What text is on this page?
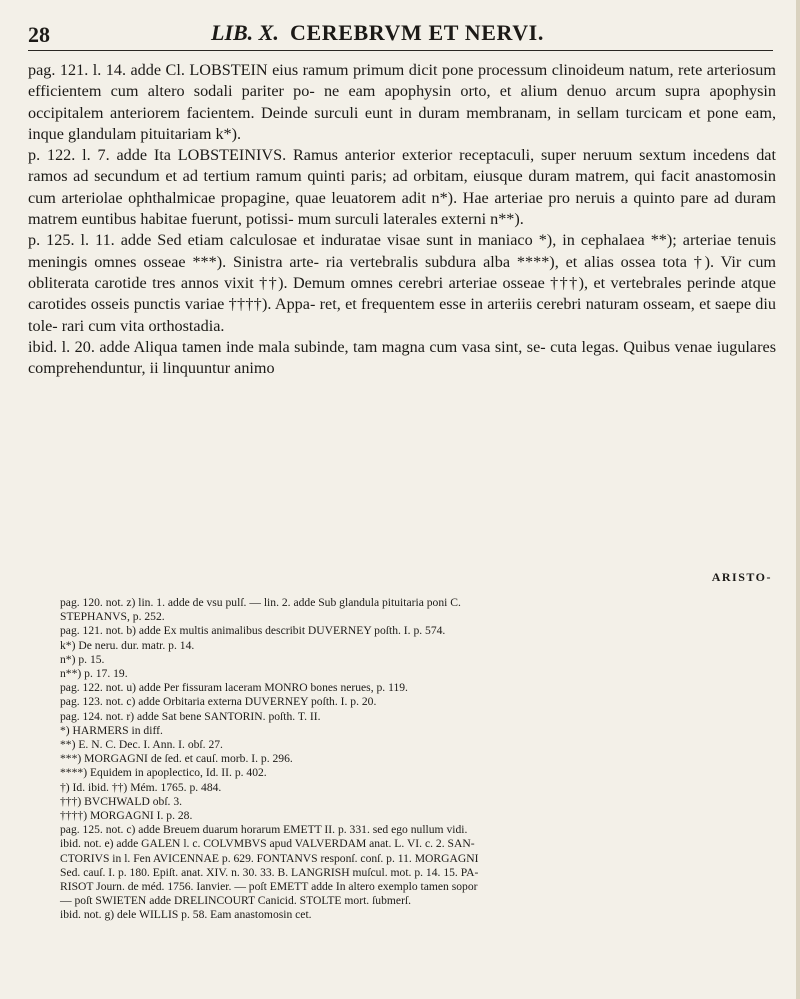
28	LIB. X. CEREBRVM ET NERVI.

pag. 121. l. 14. adde Cl. LOBSTEIN eius ramum primum dicit pone processum clinoideum natum, rete arteriosum efficientem cum altero sodali pariter po- ne eam apophysin orto, et alium denuo arcum supra apophysin occipitalem anteriorem facientem. Deinde surculi eunt in duram membranam, in sellam turcicam et pone eam, inque glandulam pituitariam k*).

p. 122. l. 7. adde Ita LOBSTEINIVS. Ramus anterior exterior receptaculi, super neruum sextum incedens dat ramos ad secundum et ad tertium ramum quinti paris; ad orbitam, eiusque duram matrem, qui facit anastomosin cum arteriolae ophthalmicae propagine, quae leuatorem adit n*). Hae arteriae pro neruis a quinto pare ad duram matrem euntibus habitae fuerunt, potissi- mum surculi laterales externi n**).

p. 125. l. 11. adde Sed etiam calculosae et induratae visae sunt in maniaco *), in cephalaea **); arteriae tenuis meningis omnes osseae ***). Sinistra arte- ria vertebralis subdura alba ****), et alias ossea tota †). Vir cum obliterata carotide tres annos vixit ††). Demum omnes cerebri arteriae osseae †††), et vertebrales perinde atque carotides osseis punctis variae ††††). Appa- ret, et frequentem esse in arteriis cerebri naturam osseam, et saepe diu tole- rari cum vita orthostadia.

ibid. l. 20. adde Aliqua tamen inde mala subinde, tam magna cum vasa sint, se- cuta legas. Quibus venae iugulares comprehenduntur, ii linquuntur animo

ARISTO-
pag. 120. not. z) lin. 1. adde de vsu pulſ. — lin. 2. adde Sub glandula pituitaria poni C.
STEPHANVS, p. 252.
pag. 121. not. b) adde Ex multis animalibus describit DUVERNEY poſth. I. p. 574.
k*) De neru. dur. matr. p. 14.
n*) p. 15.
n**) p. 17. 19.
pag. 122. not. u) adde Per fissuram laceram MONRO bones nerues, p. 119.
pag. 123. not. c) adde Orbitaria externa DUVERNEY poſth. I. p. 20.
pag. 124. not. r) adde Sat bene SANTORIN. poſth. T. II.
*) HARMERS in diff.
**) E. N. C. Dec. I. Ann. I. obſ. 27.
***) MORGAGNI de ſed. et cauſ. morb. I. p. 296.
****) Equidem in apoplectico, Id. II. p. 402.
†) Id. ibid. ††) Mém. 1765. p. 484.
†††) BVCHWALD obſ. 3.
††††) MORGAGNI I. p. 28.
pag. 125. not. c) adde Breuem duarum horarum EMETT II. p. 331. sed ego nullum vidi.
ibid. not. e) adde GALEN l. c. COLVMBVS apud VALVERDAM anat. L. VI. c. 2. SAN-
CTORIVS in l. Fen AVICENNAE p. 629. FONTANVS responſ. conſ. p. 11. MORGAGNI
Sed. cauſ. I. p. 180. Epiſt. anat. XIV. n. 30. 33. B. LANGRISH muſcul. mot. p. 14. 15. PA-
RISOT Journ. de méd. 1756. Ianvier. — poſt EMETT adde In altero exemplo tamen sopor
— poſt SWIETEN adde DRELINCOURT Canicid. STOLTE mort. ſubmerſ.
ibid. not. g) dele WILLIS p. 58. Eam anastomosin cet.
